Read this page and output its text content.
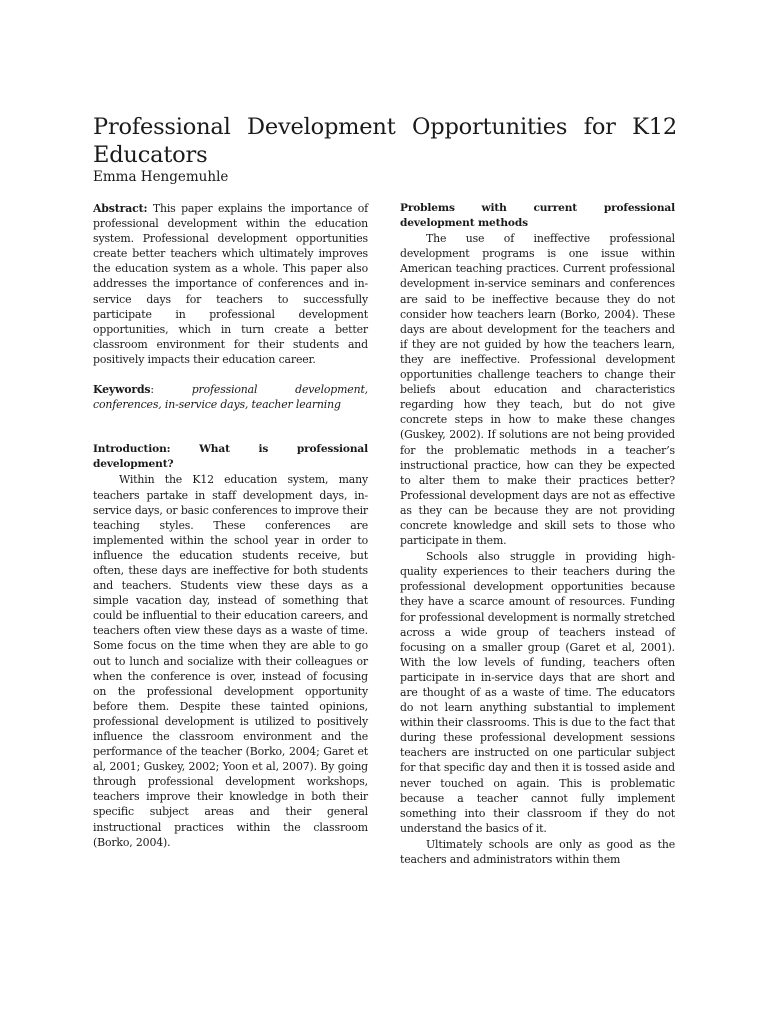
Professional Development Opportunities for K12 Educators

Emma Hengemuhle

Abstract: This paper explains the importance of professional development within the education system. Professional development opportunities create better teachers which ultimately improves the education system as a whole. This paper also addresses the importance of conferences and in-service days for teachers to successfully participate in professional development opportunities, which in turn create a better classroom environment for their students and positively impacts their education career.

Keywords:	professional development, conferences, in-service days, teacher learning

Introduction: What is professional development?

Within the K12 education system, many teachers partake in staff development days, in-service days, or basic conferences to improve their teaching styles. These conferences are implemented within the school year in order to influence the education students receive, but often, these days are ineffective for both students and teachers. Students view these days as a simple vacation day, instead of something that could be influential to their education careers, and teachers often view these days as a waste of time. Some focus on the time when they are able to go out to lunch and socialize with their colleagues or when the conference is over, instead of focusing on the professional development opportunity before them. Despite these tainted opinions, professional development is utilized to positively influence the classroom environment and the performance of the teacher (Borko, 2004; Garet et al, 2001; Guskey, 2002; Yoon et al, 2007). By going through professional development workshops, teachers improve their knowledge in both their specific subject areas and their general instructional practices within the classroom (Borko, 2004).

Problems with current professional development methods

The use of ineffective professional development programs is one issue within American teaching practices. Current professional development in-service seminars and conferences are said to be ineffective because they do not consider how teachers learn (Borko, 2004). These days are about development for the teachers and if they are not guided by how the teachers learn, they are ineffective. Professional development opportunities challenge teachers to change their beliefs about education and characteristics regarding how they teach, but do not give concrete steps in how to make these changes (Guskey, 2002). If solutions are not being provided for the problematic methods in a teacher’s instructional practice, how can they be expected to alter them to make their practices better? Professional development days are not as effective as they can be because they are not providing concrete knowledge and skill sets to those who participate in them.

Schools also struggle in providing high-quality experiences to their teachers during the professional development opportunities because they have a scarce amount of resources. Funding for professional development is normally stretched across a wide group of teachers instead of focusing on a smaller group (Garet et al, 2001). With the low levels of funding, teachers often participate in in-service days that are short and are thought of as a waste of time. The educators do not learn anything substantial to implement within their classrooms. This is due to the fact that during these professional development sessions teachers are instructed on one particular subject for that specific day and then it is tossed aside and never touched on again. This is problematic because a teacher cannot fully implement something into their classroom if they do not understand the basics of it.

Ultimately schools are only as good as the teachers and administrators within them
